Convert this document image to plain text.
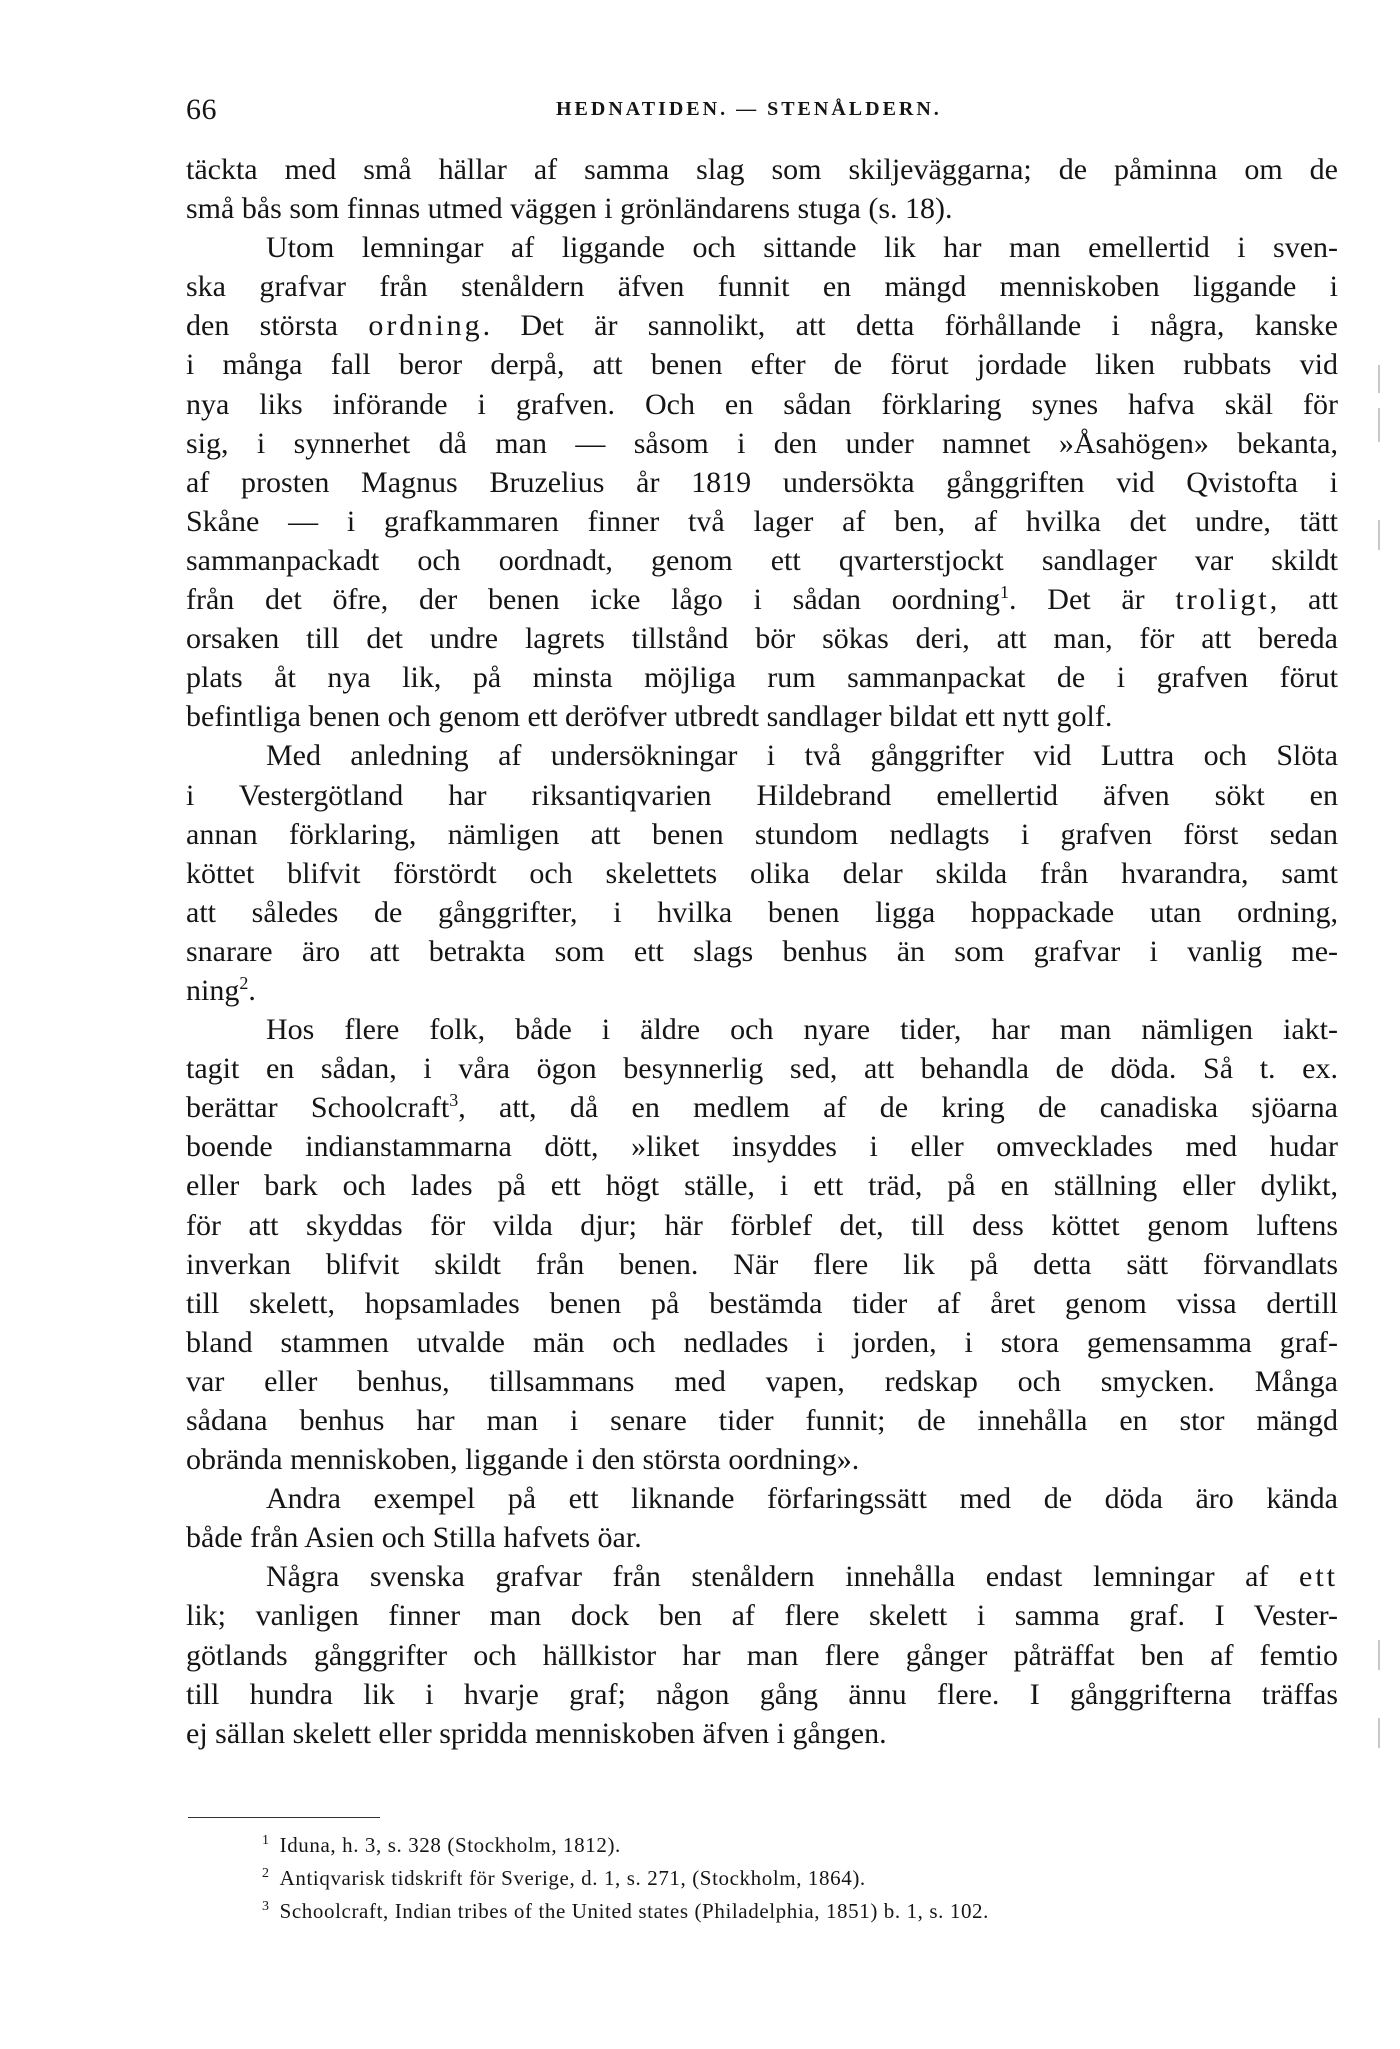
66	HEDNATIDEN. — STENÅLDERN.
täckta med små hällar af samma slag som skiljeväggarna; de påminna om de
små bås som finnas utmed väggen i grönländarens stuga (s. 18).
Utom lemningar af liggande och sittande lik har man emellertid i sven-
ska grafvar från stenåldern äfven funnit en mängd menniskoben liggande i
den största ordning. Det är sannolikt, att detta förhållande i några, kanske
i många fall beror derpå, att benen efter de förut jordade liken rubbats vid
nya liks införande i grafven. Och en sådan förklaring synes hafva skäl för
sig, i synnerhet då man — såsom i den under namnet »Åsahögen» bekanta,
af prosten Magnus Bruzelius år 1819 undersökta gånggriften vid Qvistofta i
Skåne — i grafkammaren finner två lager af ben, af hvilka det undre, tätt
sammanpackadt och oordnadt, genom ett qvarterstjockt sandlager var skildt
från det öfre, der benen icke lågo i sådan oordning$^1$. Det är troligt, att
orsaken till det undre lagrets tillstånd bör sökas deri, att man, för att bereda
plats åt nya lik, på minsta möjliga rum sammanpackat de i grafven förut
befintliga benen och genom ett deröfver utbredt sandlager bildat ett nytt golf.
Med anledning af undersökningar i två gånggrifter vid Luttra och Slöta
i Vestergötland har riksantiqvarien Hildebrand emellertid äfven sökt en
annan förklaring, nämligen att benen stundom nedlagts i grafven först sedan
köttet blifvit förstördt och skelettets olika delar skilda från hvarandra, samt
att således de gånggrifter, i hvilka benen ligga hoppackade utan ordning,
snarare äro att betrakta som ett slags benhus än som grafvar i vanlig me-
ning$^2$.
Hos flere folk, både i äldre och nyare tider, har man nämligen iakt-
tagit en sådan, i våra ögon besynnerlig sed, att behandla de döda. Så t. ex.
berättar Schoolcraft$^3$, att, då en medlem af de kring de canadiska sjöarna
boende indianstammarna dött, »liket insyddes i eller omvecklades med hudar
eller bark och lades på ett högt ställe, i ett träd, på en ställning eller dylikt,
för att skyddas för vilda djur; här förblef det, till dess köttet genom luftens
inverkan blifvit skildt från benen. När flere lik på detta sätt förvandlats
till skelett, hopsamlades benen på bestämda tider af året genom vissa dertill
bland stammen utvalde män och nedlades i jorden, i stora gemensamma graf-
var eller benhus, tillsammans med vapen, redskap och smycken. Många
sådana benhus har man i senare tider funnit; de innehålla en stor mängd
obrända menniskoben, liggande i den största oordning».
Andra exempel på ett liknande förfaringssätt med de döda äro kända
både från Asien och Stilla hafvets öar.
Några svenska grafvar från stenåldern innehålla endast lemningar af ett
lik; vanligen finner man dock ben af flere skelett i samma graf. I Vester-
götlands gånggrifter och hällkistor har man flere gånger påträffat ben af femtio
till hundra lik i hvarje graf; någon gång ännu flere. I gånggrifterna träffas
ej sällan skelett eller spridda menniskoben äfven i gången.
$^1$ Iduna, h. 3, s. 328 (Stockholm, 1812).
$^2$ Antiqvarisk tidskrift för Sverige, d. 1, s. 271, (Stockholm, 1864).
$^3$ Schoolcraft, Indian tribes of the United states (Philadelphia, 1851) b. 1, s. 102.
